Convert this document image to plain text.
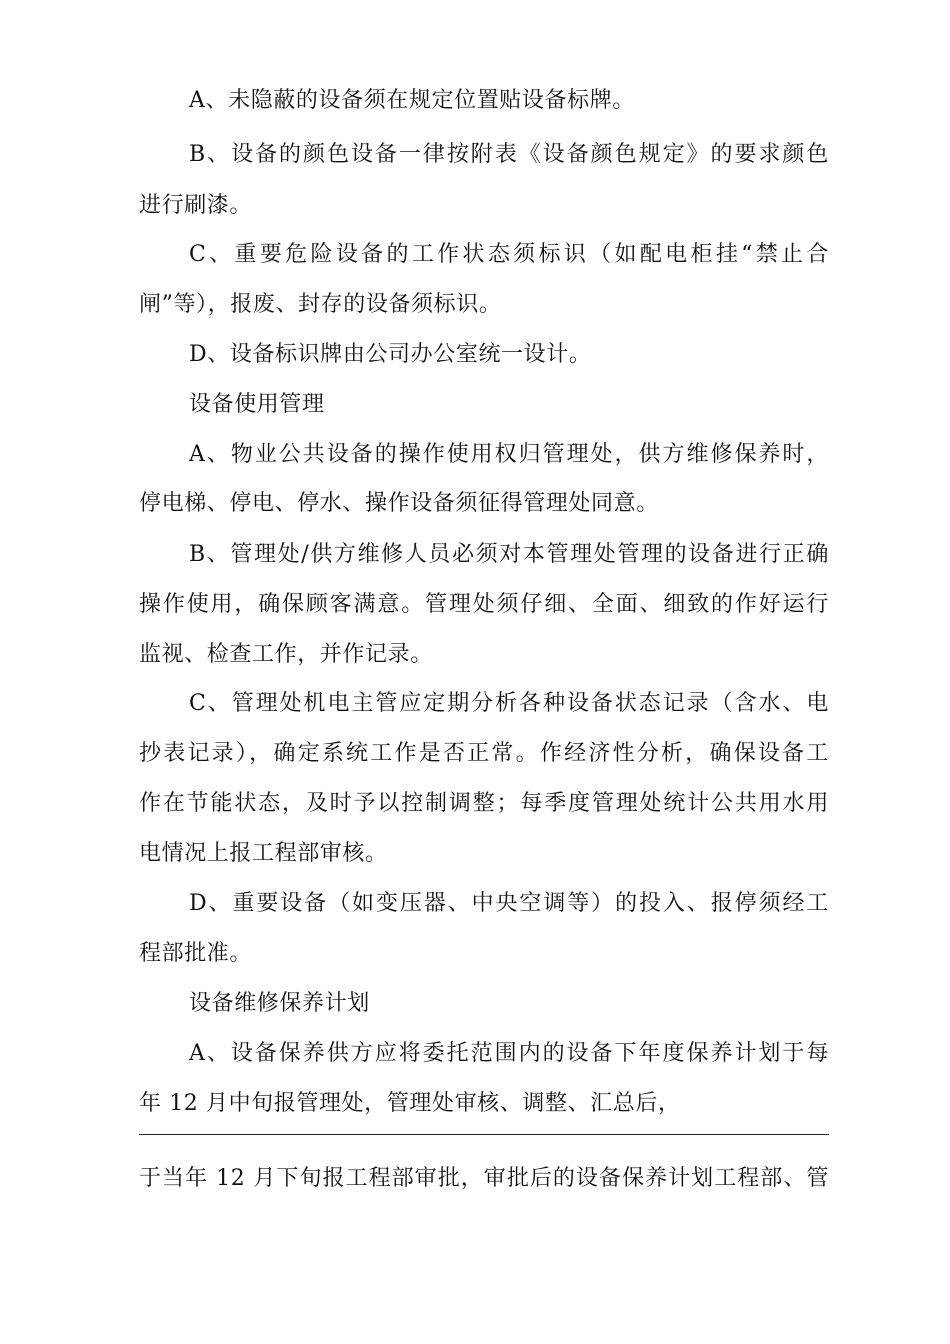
A、未隐蔽的设备须在规定位置贴设备标牌。
B、设备的颜色设备一律按附表《设备颜色规定》的要求颜色
进行刷漆。
C、重要危险设备的工作状态须标识（如配电柜挂“禁止合
闸”等），报废、封存的设备须标识。
D、设备标识牌由公司办公室统一设计。
设备使用管理
A、物业公共设备的操作使用权归管理处，供方维修保养时，
停电梯、停电、停水、操作设备须征得管理处同意。
B、管理处/供方维修人员必须对本管理处管理的设备进行正确
操作使用，确保顾客满意。管理处须仔细、全面、细致的作好运行
监视、检查工作，并作记录。
C、管理处机电主管应定期分析各种设备状态记录（含水、电
抄表记录），确定系统工作是否正常。作经济性分析，确保设备工
作在节能状态，及时予以控制调整；每季度管理处统计公共用水用
电情况上报工程部审核。
D、重要设备（如变压器、中央空调等）的投入、报停须经工
程部批准。
设备维修保养计划
A、设备保养供方应将委托范围内的设备下年度保养计划于每
年 12 月中旬报管理处，管理处审核、调整、汇总后，
于当年 12 月下旬报工程部审批，审批后的设备保养计划工程部、管
